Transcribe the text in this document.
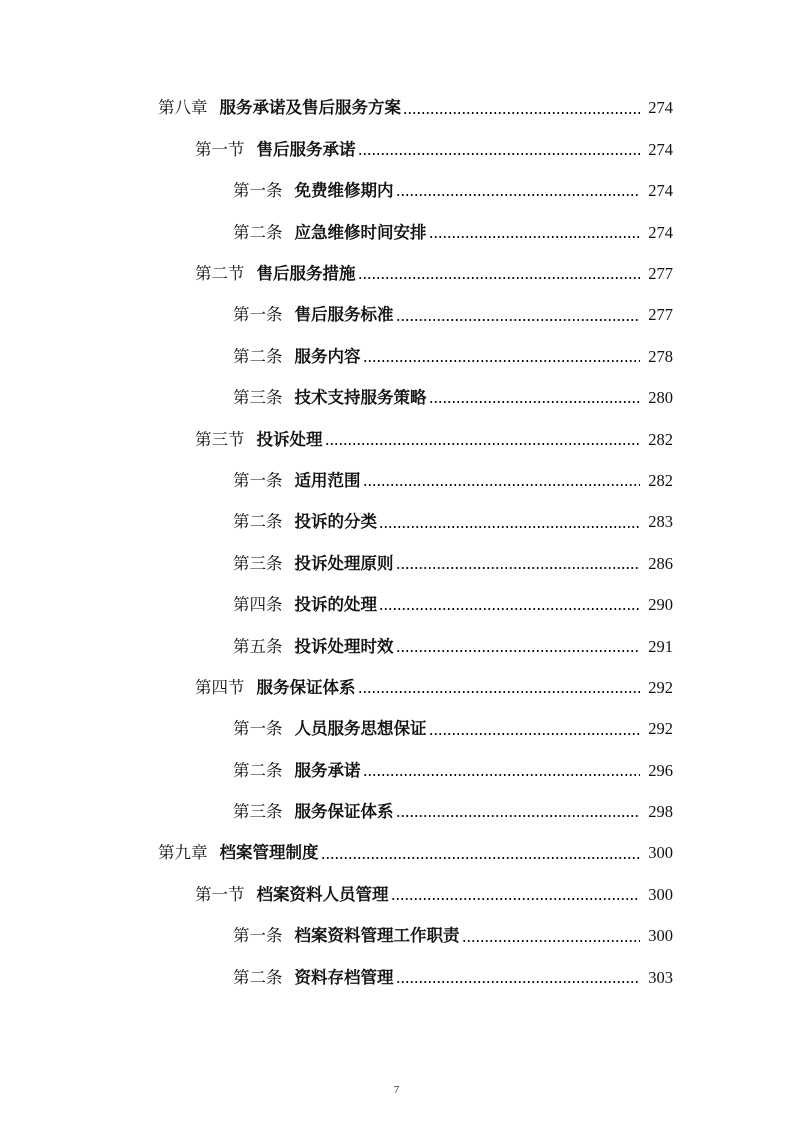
第八章 服务承诺及售后服务方案	274
第一节 售后服务承诺	274
第一条 免费维修期内	274
第二条 应急维修时间安排	274
第二节 售后服务措施	277
第一条 售后服务标准	277
第二条 服务内容	278
第三条 技术支持服务策略	280
第三节 投诉处理	282
第一条 适用范围	282
第二条 投诉的分类	283
第三条 投诉处理原则	286
第四条 投诉的处理	290
第五条 投诉处理时效	291
第四节 服务保证体系	292
第一条 人员服务思想保证	292
第二条 服务承诺	296
第三条 服务保证体系	298
第九章 档案管理制度	300
第一节 档案资料人员管理	300
第一条 档案资料管理工作职责	300
第二条 资料存档管理	303
7
